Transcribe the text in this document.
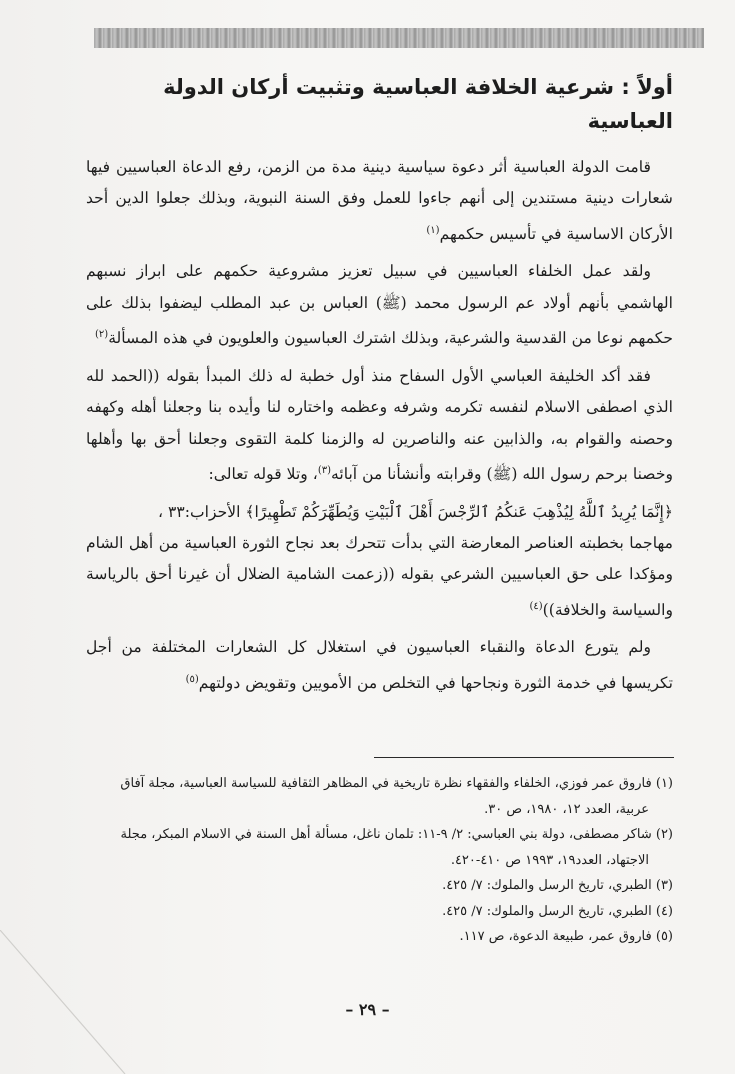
أولاً : شرعية الخلافة العباسية وتثبيت أركان الدولة العباسية

قامت الدولة العباسية أثر دعوة سياسية دينية مدة من الزمن، رفع الدعاة العباسيين فيها شعارات دينية مستندين إلى أنهم جاءوا للعمل وفق السنة النبوية، وبذلك جعلوا الدين أحد الأركان الاساسية في تأسيس حكمهم$^{(١)}$

ولقد عمل الخلفاء العباسيين في سبيل تعزيز مشروعية حكمهم على ابراز نسبهم الهاشمي بأنهم أولاد عم الرسول محمد (ﷺ) العباس بن عبد المطلب ليضفوا بذلك على حكمهم نوعا من القدسية والشرعية، وبذلك اشترك العباسيون والعلويون في هذه المسألة$^{(٢)}$

فقد أكد الخليفة العباسي الأول السفاح منذ أول خطبة له ذلك المبدأ بقوله ((الحمد لله الذي اصطفى الاسلام لنفسه تكرمه وشرفه وعظمه واختاره لنا وأيده بنا وجعلنا أهله وكهفه وحصنه والقوام به، والذابين عنه والناصرين له والزمنا كلمة التقوى وجعلنا أحق بها وأهلها وخصنا برحم رسول الله (ﷺ) وقرابته وأنشأنا من آبائه$^{(٣)}$، وتلا قوله تعالى:

﴿إِنَّمَا يُرِيدُ ٱللَّهُ لِيُذْهِبَ عَنكُمُ ٱلرِّجْسَ أَهْلَ ٱلْبَيْتِ وَيُطَهِّرَكُمْ تَطْهِيرًا﴾ الأحزاب:٣٣ ،

مهاجما بخطبته العناصر المعارضة التي بدأت تتحرك بعد نجاح الثورة العباسية من أهل الشام ومؤكدا على حق العباسيين الشرعي بقوله ((زعمت الشامية الضلال أن غيرنا أحق بالرياسة والسياسة والخلافة))$^{(٤)}$

ولم يتورع الدعاة والنقباء العباسيون في استغلال كل الشعارات المختلفة من أجل تكريسها في خدمة الثورة ونجاحها في التخلص من الأمويين وتقويض دولتهم$^{(٥)}$

(١) فاروق عمر فوزي، الخلفاء والفقهاء نظرة تاريخية في المظاهر الثقافية للسياسة العباسية، مجلة آفاق عربية، العدد ١٢، ١٩٨٠، ص ٣٠.

(٢) شاكر مصطفى، دولة بني العباسي: ٢/ ٩-١١: تلمان ناغل، مسألة أهل السنة في الاسلام المبكر، مجلة الاجتهاد، العدد١٩، ١٩٩٣ ص ٤١٠-٤٢٠.

(٣) الطبري، تاريخ الرسل والملوك: ٧/ ٤٢٥.

(٤) الطبري، تاريخ الرسل والملوك: ٧/ ٤٢٥.

(٥) فاروق عمر، طبيعة الدعوة، ص ١١٧.

– ٢٩ –
